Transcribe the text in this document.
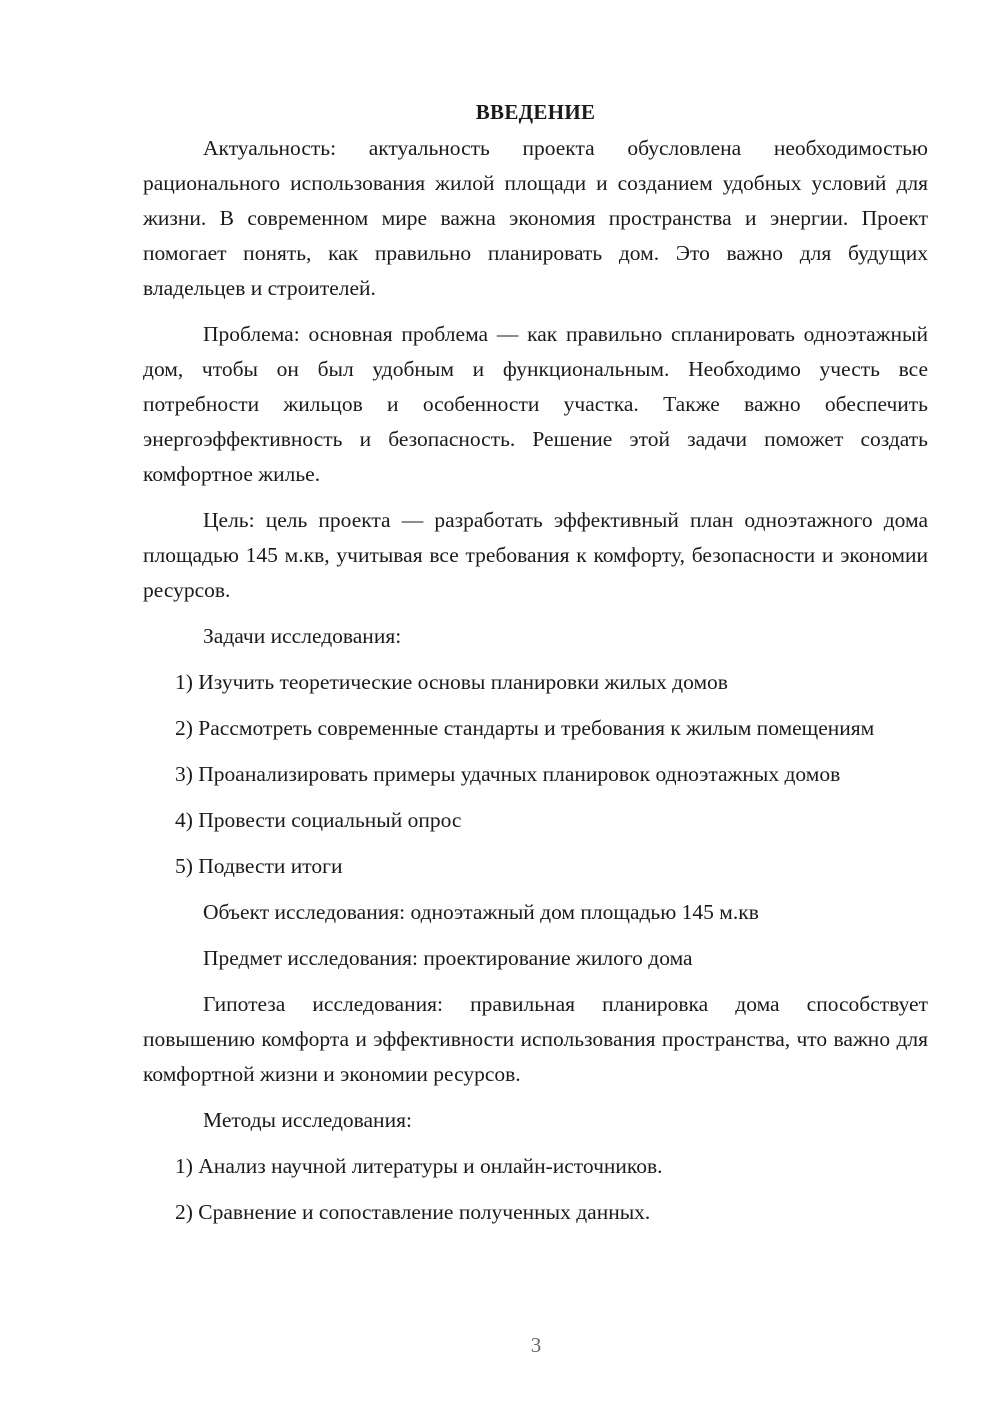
ВВЕДЕНИЕ

Актуальность: актуальность проекта обусловлена необходимостью рационального использования жилой площади и созданием удобных условий для жизни. В современном мире важна экономия пространства и энергии. Проект помогает понять, как правильно планировать дом. Это важно для будущих владельцев и строителей.

Проблема: основная проблема — как правильно спланировать одноэтажный дом, чтобы он был удобным и функциональным. Необходимо учесть все потребности жильцов и особенности участка. Также важно обеспечить энергоэффективность и безопасность. Решение этой задачи поможет создать комфортное жилье.

Цель: цель проекта — разработать эффективный план одноэтажного дома площадью 145 м.кв, учитывая все требования к комфорту, безопасности и экономии ресурсов.

Задачи исследования:

1) Изучить теоретические основы планировки жилых домов

2) Рассмотреть современные стандарты и требования к жилым помещениям

3) Проанализировать примеры удачных планировок одноэтажных домов

4) Провести социальный опрос

5) Подвести итоги

Объект исследования: одноэтажный дом площадью 145 м.кв

Предмет исследования: проектирование жилого дома

Гипотеза исследования: правильная планировка дома способствует повышению комфорта и эффективности использования пространства, что важно для комфортной жизни и экономии ресурсов.

Методы исследования:

1) Анализ научной литературы и онлайн-источников.

2) Сравнение и сопоставление полученных данных.

3
